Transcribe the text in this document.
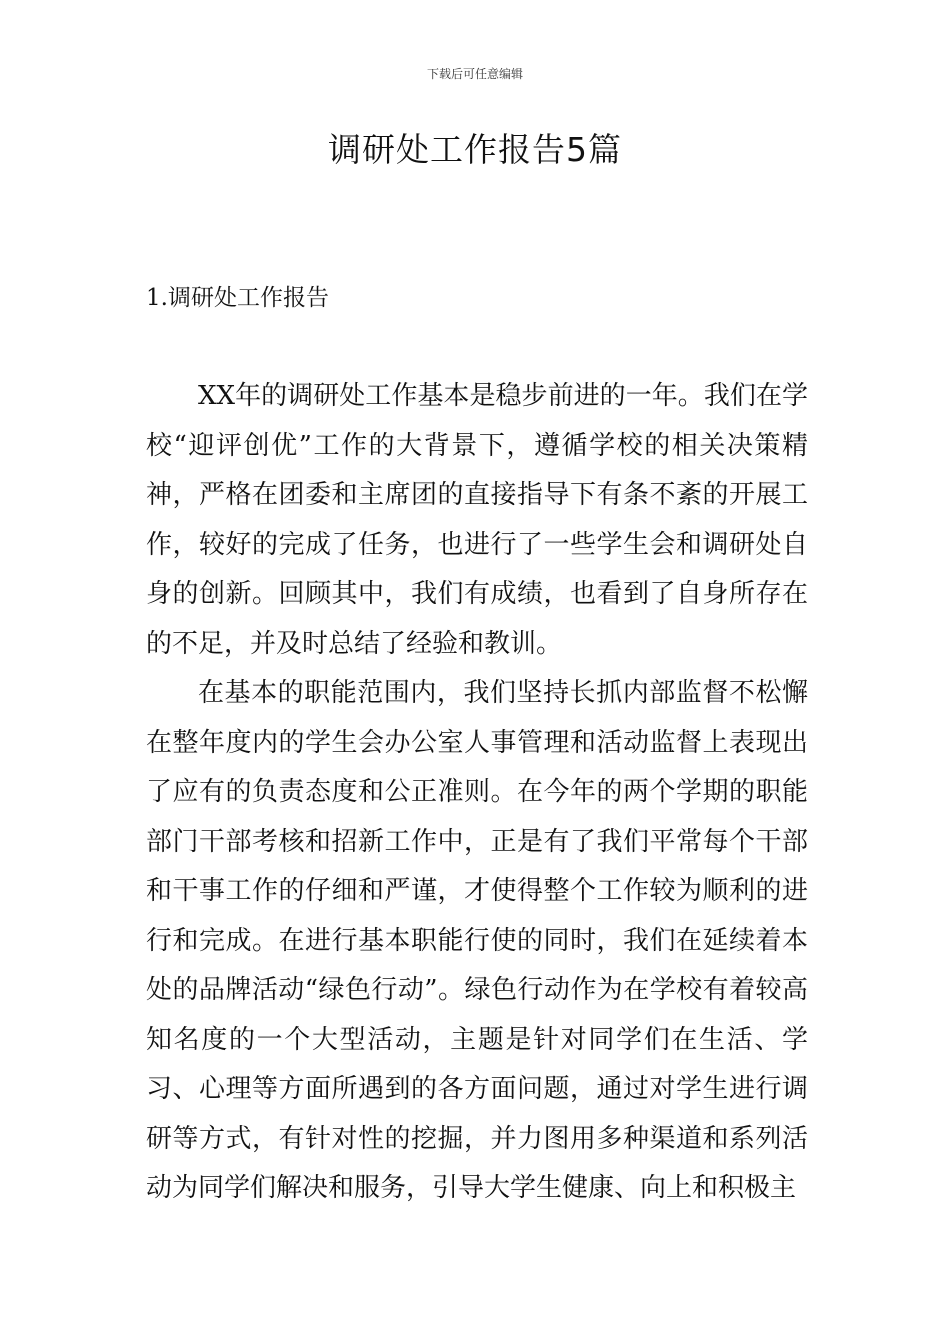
下载后可任意编辑
调研处工作报告5篇
1.调研处工作报告

XX年的调研处工作基本是稳步前进的一年。我们在学校“迎评创优”工作的大背景下，遵循学校的相关决策精神，严格在团委和主席团的直接指导下有条不紊的开展工作，较好的完成了任务，也进行了一些学生会和调研处自身的创新。回顾其中，我们有成绩，也看到了自身所存在的不足，并及时总结了经验和教训。

在基本的职能范围内，我们坚持长抓内部监督不松懈在整年度内的学生会办公室人事管理和活动监督上表现出了应有的负责态度和公正准则。在今年的两个学期的职能部门干部考核和招新工作中，正是有了我们平常每个干部和干事工作的仔细和严谨，才使得整个工作较为顺利的进行和完成。在进行基本职能行使的同时，我们在延续着本处的品牌活动“绿色行动”。绿色行动作为在学校有着较高知名度的一个大型活动，主题是针对同学们在生活、学习、心理等方面所遇到的各方面问题，通过对学生进行调研等方式，有针对性的挖掘，并力图用多种渠道和系列活动为同学们解决和服务，引导大学生健康、向上和积极主
